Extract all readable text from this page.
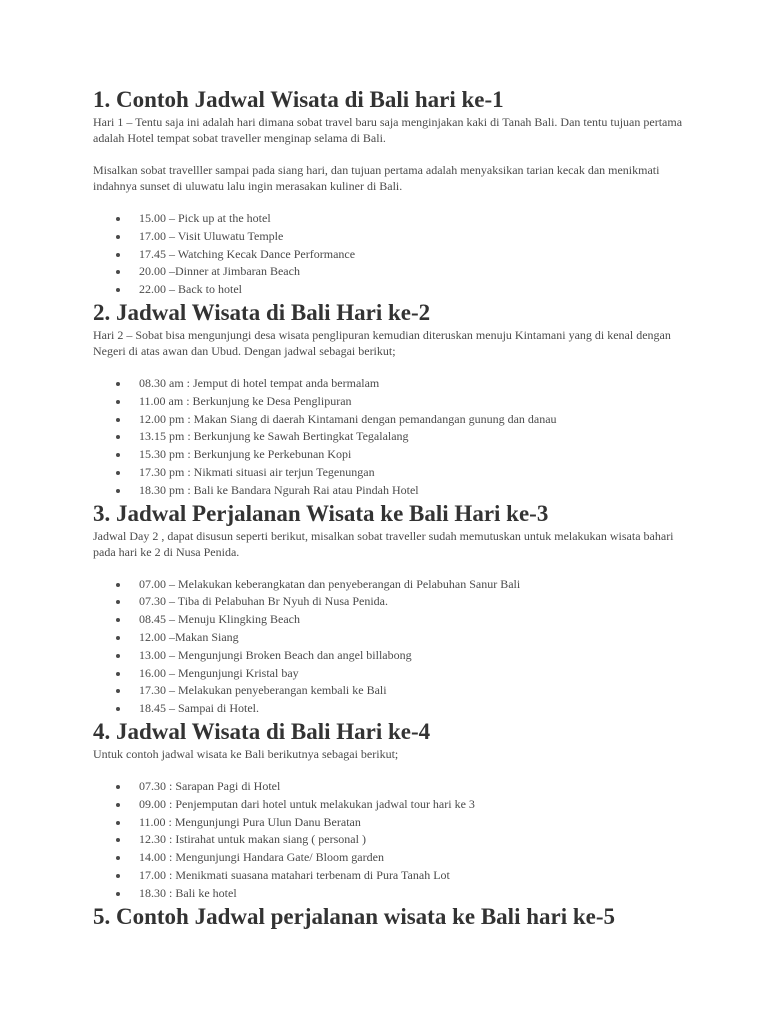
1. Contoh Jadwal Wisata di Bali hari ke-1

Hari 1 – Tentu saja ini adalah hari dimana sobat travel baru saja menginjakan kaki di Tanah Bali. Dan tentu tujuan pertama adalah Hotel tempat sobat traveller menginap selama di Bali.

Misalkan sobat travelller sampai pada siang hari, dan tujuan pertama adalah menyaksikan tarian kecak dan menikmati indahnya sunset di uluwatu lalu ingin merasakan kuliner di Bali.

15.00 – Pick up at the hotel
17.00 – Visit Uluwatu Temple
17.45 – Watching Kecak Dance Performance
20.00 –Dinner at Jimbaran Beach
22.00 – Back to hotel
2. Jadwal Wisata di Bali Hari ke-2

Hari 2 – Sobat bisa mengunjungi desa wisata penglipuran kemudian diteruskan menuju Kintamani yang di kenal dengan Negeri di atas awan dan Ubud. Dengan jadwal sebagai berikut;

08.30 am : Jemput di hotel tempat anda bermalam
11.00 am : Berkunjung ke Desa Penglipuran
12.00 pm : Makan Siang di daerah Kintamani dengan pemandangan gunung dan danau
13.15 pm : Berkunjung ke Sawah Bertingkat Tegalalang
15.30 pm : Berkunjung ke Perkebunan Kopi
17.30 pm : Nikmati situasi air terjun Tegenungan
18.30 pm : Bali ke Bandara Ngurah Rai atau Pindah Hotel
3. Jadwal Perjalanan Wisata ke Bali Hari ke-3

Jadwal Day 2 , dapat disusun seperti berikut, misalkan sobat traveller sudah memutuskan untuk melakukan wisata bahari pada hari ke 2 di Nusa Penida.

07.00 – Melakukan keberangkatan dan penyeberangan di Pelabuhan Sanur Bali
07.30 – Tiba di Pelabuhan Br Nyuh di Nusa Penida.
08.45 – Menuju Klingking Beach
12.00 –Makan Siang
13.00 – Mengunjungi Broken Beach dan angel billabong
16.00 – Mengunjungi Kristal bay
17.30 – Melakukan penyeberangan kembali ke Bali
18.45 – Sampai di Hotel.
4. Jadwal Wisata di Bali Hari ke-4

Untuk contoh jadwal wisata ke Bali berikutnya sebagai berikut;

07.30 : Sarapan Pagi di Hotel
09.00 : Penjemputan dari hotel untuk melakukan jadwal tour hari ke 3
11.00 : Mengunjungi Pura Ulun Danu Beratan
12.30 : Istirahat untuk makan siang ( personal )
14.00 : Mengunjungi Handara Gate/ Bloom garden
17.00 : Menikmati suasana matahari terbenam di Pura Tanah Lot
18.30 : Bali ke hotel
5. Contoh Jadwal perjalanan wisata ke Bali hari ke-5
